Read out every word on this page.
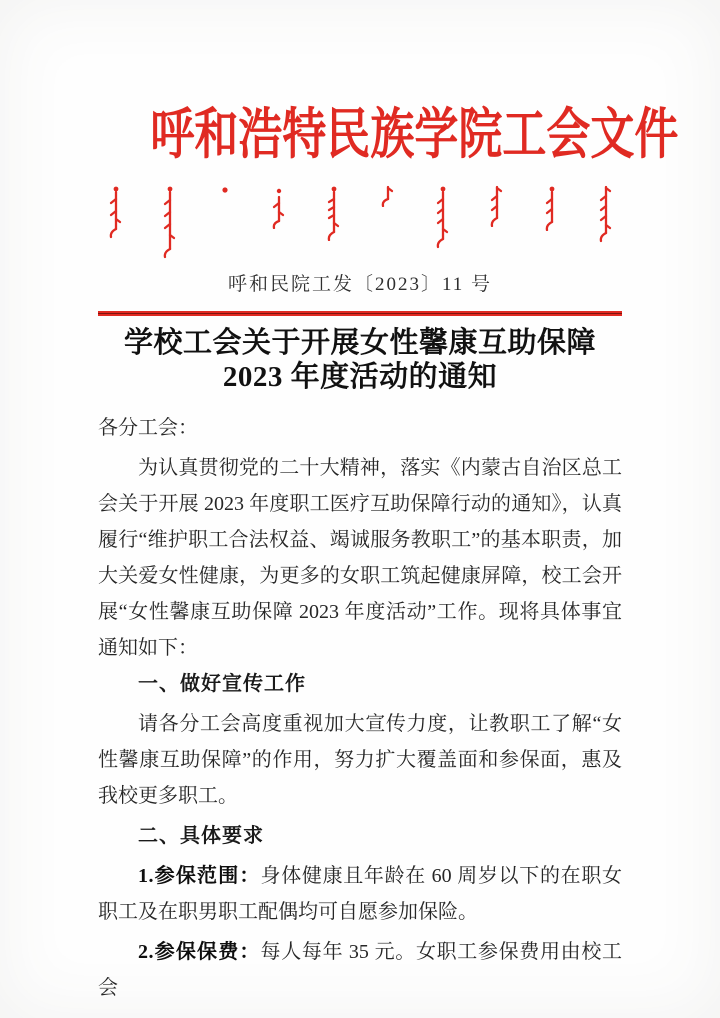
呼和浩特民族学院工会文件
呼和民院工发〔2023〕11 号
学校工会关于开展女性馨康互助保障
2023 年度活动的通知

各分工会：

为认真贯彻党的二十大精神，落实《内蒙古自治区总工会关于开展 2023 年度职工医疗互助保障行动的通知》，认真履行“维护职工合法权益、竭诚服务教职工”的基本职责，加大关爱女性健康，为更多的女职工筑起健康屏障，校工会开展“女性馨康互助保障 2023 年度活动”工作。现将具体事宜通知如下：

一、做好宣传工作

请各分工会高度重视加大宣传力度，让教职工了解“女性馨康互助保障”的作用，努力扩大覆盖面和参保面，惠及我校更多职工。

二、具体要求

1.参保范围：身体健康且年龄在 60 周岁以下的在职女职工及在职男职工配偶均可自愿参加保险。

2.参保保费：每人每年 35 元。女职工参保费用由校工会
